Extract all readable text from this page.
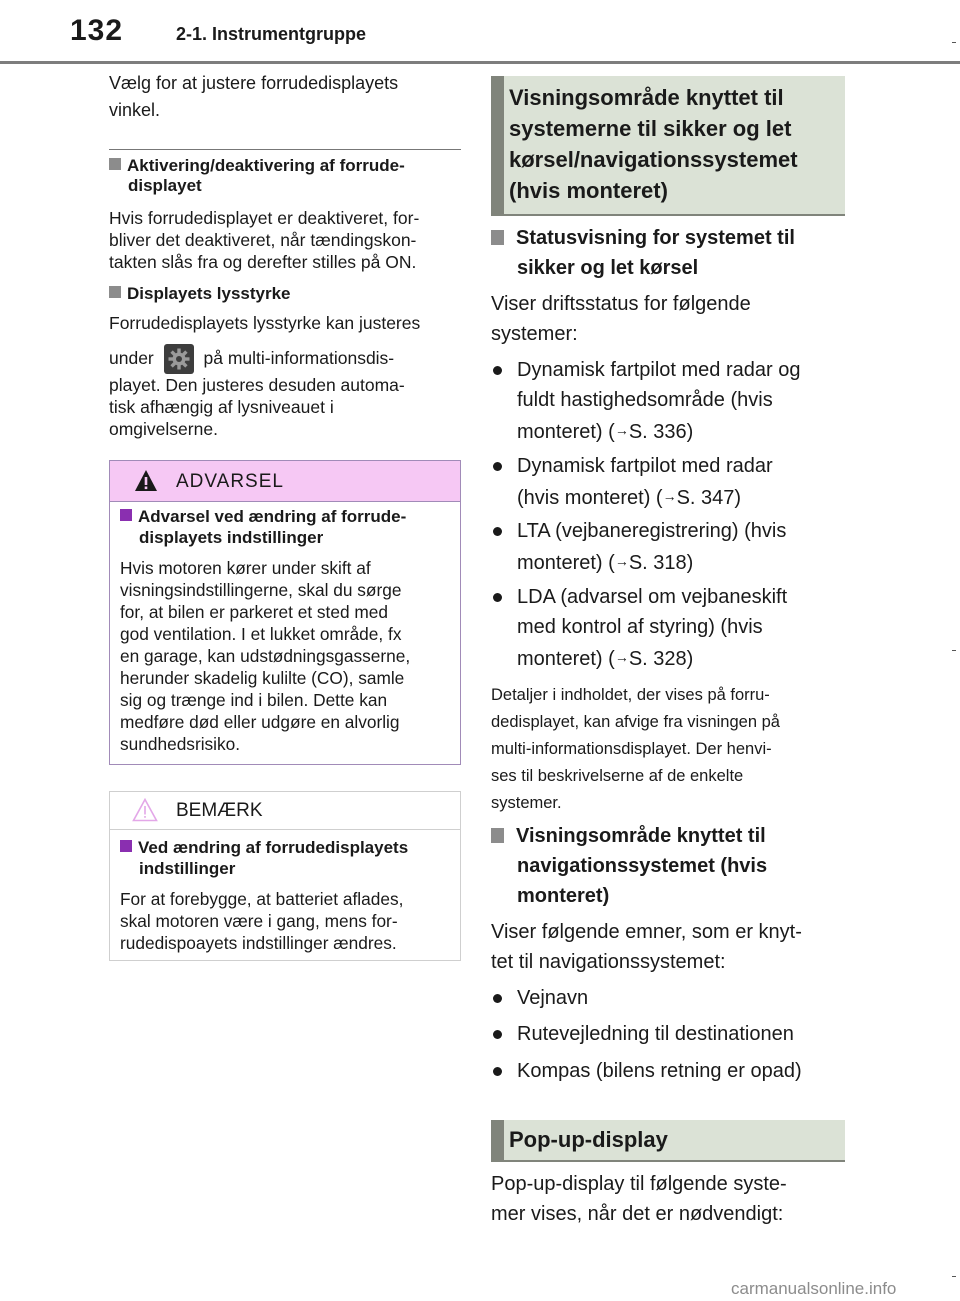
132	2-1. Instrumentgruppe
Vælg for at justere forrudedisplayets
vinkel.
Aktivering/deaktivering af forrude-
displayet
Hvis forrudedisplayet er deaktiveret, for-
bliver det deaktiveret, når tændingskon-
takten slås fra og derefter stilles på ON.
Displayets lysstyrke
Forrudedisplayets lysstyrke kan justeres
under	på multi-informationsdis-
playet. Den justeres desuden automa-
tisk afhængig af lysniveauet i
omgivelserne.
ADVARSEL
Advarsel ved ændring af forrude-
displayets indstillinger
Hvis motoren kører under skift af
visningsindstillingerne, skal du sørge
for, at bilen er parkeret et sted med
god ventilation. I et lukket område, fx
en garage, kan udstødningsgasserne,
herunder skadelig kulilte (CO), samle
sig og trænge ind i bilen. Dette kan
medføre død eller udgøre en alvorlig
sundhedsrisiko.
BEMÆRK
Ved ændring af forrudedisplayets
indstillinger
For at forebygge, at batteriet aflades,
skal motoren være i gang, mens for-
rudedispoayets indstillinger ændres.
Visningsområde knyttet til
systemerne til sikker og let
kørsel/navigationssystemet
(hvis monteret)
Statusvisning for systemet til
sikker og let kørsel
Viser driftsstatus for følgende
systemer:
Dynamisk fartpilot med radar og
fuldt hastighedsområde (hvis
monteret) (→S. 336)
Dynamisk fartpilot med radar
(hvis monteret) (→S. 347)
LTA (vejbaneregistrering) (hvis
monteret) (→S. 318)
LDA (advarsel om vejbaneskift
med kontrol af styring) (hvis
monteret) (→S. 328)
Detaljer i indholdet, der vises på forru-
dedisplayet, kan afvige fra visningen på
multi-informationsdisplayet. Der henvi-
ses til beskrivelserne af de enkelte
systemer.
Visningsområde knyttet til
navigationssystemet (hvis
monteret)
Viser følgende emner, som er knyt-
tet til navigationssystemet:
Vejnavn
Rutevejledning til destinationen
Kompas (bilens retning er opad)
Pop-up-display
Pop-up-display til følgende syste-
mer vises, når det er nødvendigt:
carmanualsonline.info
